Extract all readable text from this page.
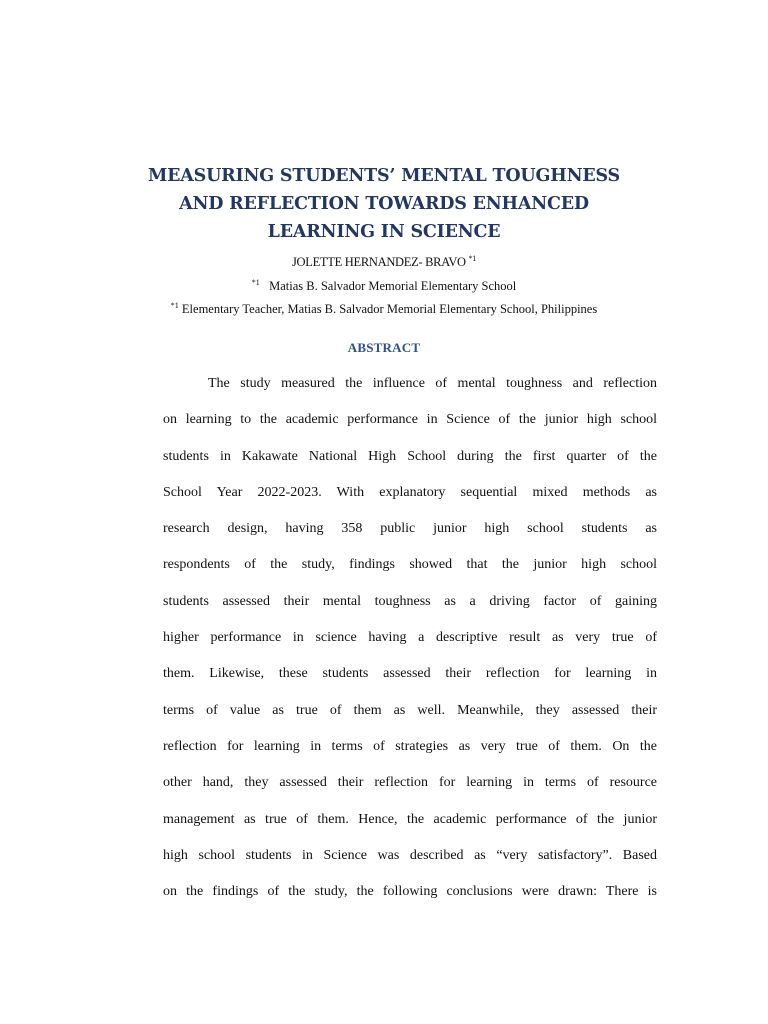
MEASURING STUDENTS’ MENTAL TOUGHNESS
AND REFLECTION TOWARDS ENHANCED
LEARNING IN SCIENCE
JOLETTE HERNANDEZ- BRAVO $^{*1}$
$^{*1}$ Matias B. Salvador Memorial Elementary School
$^{*1}$ Elementary Teacher, Matias B. Salvador Memorial Elementary School, Philippines
ABSTRACT
The study measured the influence of mental toughness and reflection
on learning to the academic performance in Science of the junior high school
students in Kakawate National High School during the first quarter of the
School Year 2022-2023. With explanatory sequential mixed methods as
research design, having 358 public junior high school students as
respondents of the study, findings showed that the junior high school
students assessed their mental toughness as a driving factor of gaining
higher performance in science having a descriptive result as very true of
them. Likewise, these students assessed their reflection for learning in
terms of value as true of them as well. Meanwhile, they assessed their
reflection for learning in terms of strategies as very true of them. On the
other hand, they assessed their reflection for learning in terms of resource
management as true of them. Hence, the academic performance of the junior
high school students in Science was described as “very satisfactory”. Based
on the findings of the study, the following conclusions were drawn: There is
